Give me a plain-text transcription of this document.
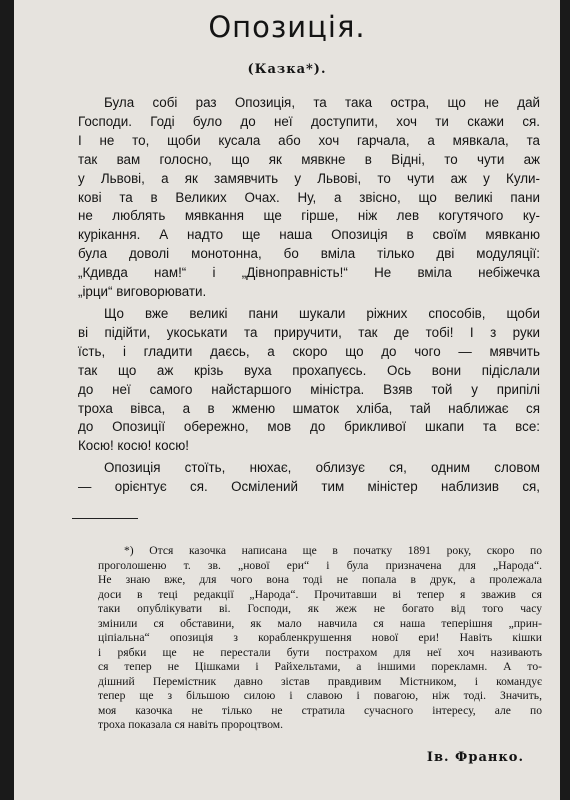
Опозиція.
(Казка*).

Була собі раз Опозиція, та така остра, що не дай
Господи. Годі було до неї доступити, хоч ти скажи ся.
І не то, щоби кусала або хоч гарчала, а мявкала, та
так вам голосно, що як мявкне в Відні, то чути аж
у Львові, а як замявчить у Львові, то чути аж у Кули-
кові та в Великих Очах. Ну, а звісно, що великі пани
не люблять мявкання ще гірше, ніж лев когутячого ку-
курікання. А надто ще наша Опозиція в своїм мявканю
була доволі монотонна, бо вміла тілько дві модуляції:
„Кдивда нам!“ і „Дівноправність!“ Не вміла небіжечка
„ірци“ виговорювати.

Що вже великі пани шукали ріжних способів, щоби
ві підійти, укоськати та приручити, так де тобі! І з руки
їсть, і гладити даєсь, а скоро що до чого — мявчить
так що аж крізь вуха прохапуєсь. Ось вони підіслали
до неї самого найстаршого міністра. Взяв той у припілі
троха вівса, а в жменю шматок хліба, тай наближає ся
до Опозиції обережно, мов до брикливої шкапи та все:
Косю! косю! косю!

Опозиція стоїть, нюхає, облизує ся, одним словом
— орієнтує ся. Осмілений тим міністер наблизив ся,

*) Отся казочка написана ще в початку 1891 року, скоро по
проголошеню т. зв. „нової ери“ і була призначена для „Народа“.
Не знаю вже, для чого вона тоді не попала в друк, а пролежала
доси в теці редакції „Народа“. Прочитавши ві тепер я зважив ся
таки опублікувати ві. Господи, як жеж не богато від того часу
змінили ся обставини, як мало навчила ся наша теперішня „прин-
ціпіальна“ опозиція з корабленкрушення нової ери! Навіть кішки
і рябки ще не перестали бути пострахом для неї хоч називають
ся тепер не Цішками і Райхельтами, а іншими порекламн. А то-
дішний Перемістник давно зістав правдивим Містником, і командує
тепер ще з більшою силою і славою і повагою, ніж тоді. Значить,
моя казочка не тілько не стратила сучасного інтересу, але по
троха показала ся навіть пророцтвом.
Ів. Франко.
